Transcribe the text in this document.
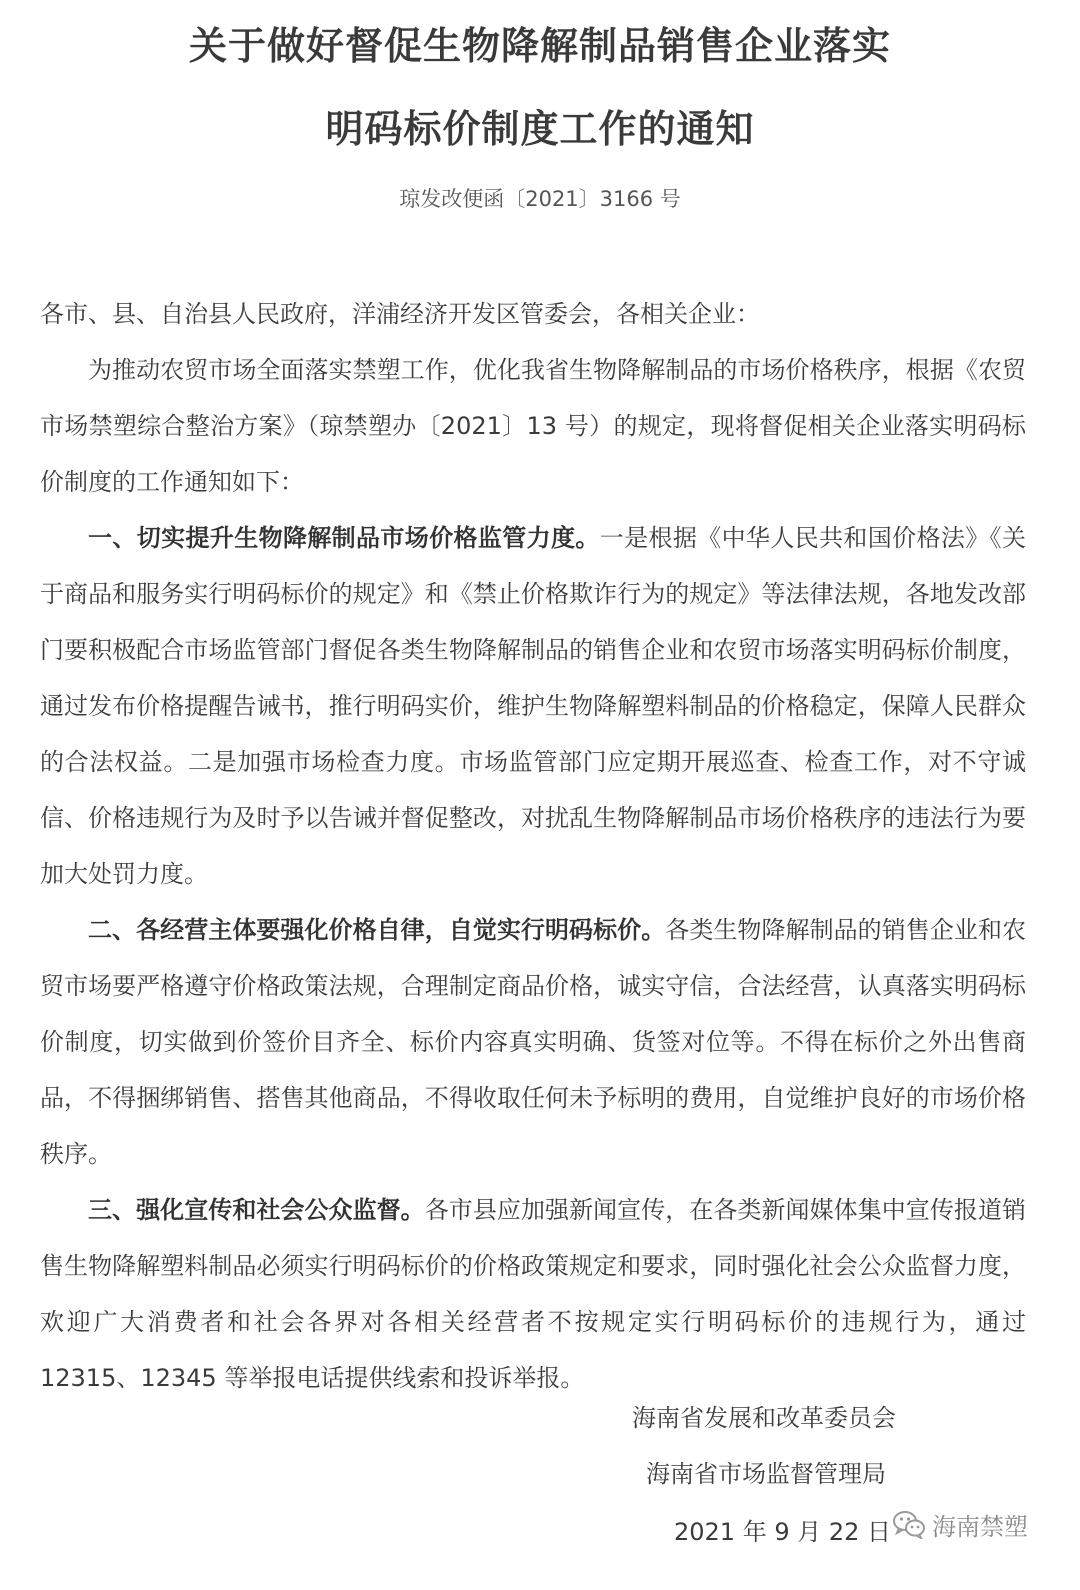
关于做好督促生物降解制品销售企业落实
明码标价制度工作的通知
琼发改便函〔2021〕3166 号

各市、县、自治县人民政府，洋浦经济开发区管委会，各相关企业：

为推动农贸市场全面落实禁塑工作，优化我省生物降解制品的市场价格秩序，根据《农贸市场禁塑综合整治方案》（琼禁塑办〔2021〕13 号）的规定，现将督促相关企业落实明码标价制度的工作通知如下：

一、切实提升生物降解制品市场价格监管力度。一是根据《中华人民共和国价格法》《关于商品和服务实行明码标价的规定》和《禁止价格欺诈行为的规定》等法律法规，各地发改部门要积极配合市场监管部门督促各类生物降解制品的销售企业和农贸市场落实明码标价制度，通过发布价格提醒告诫书，推行明码实价，维护生物降解塑料制品的价格稳定，保障人民群众的合法权益。二是加强市场检查力度。市场监管部门应定期开展巡查、检查工作，对不守诚信、价格违规行为及时予以告诫并督促整改，对扰乱生物降解制品市场价格秩序的违法行为要加大处罚力度。

二、各经营主体要强化价格自律，自觉实行明码标价。各类生物降解制品的销售企业和农贸市场要严格遵守价格政策法规，合理制定商品价格，诚实守信，合法经营，认真落实明码标价制度，切实做到价签价目齐全、标价内容真实明确、货签对位等。不得在标价之外出售商品，不得捆绑销售、搭售其他商品，不得收取任何未予标明的费用，自觉维护良好的市场价格秩序。

三、强化宣传和社会公众监督。各市县应加强新闻宣传，在各类新闻媒体集中宣传报道销售生物降解塑料制品必须实行明码标价的价格政策规定和要求，同时强化社会公众监督力度，欢迎广大消费者和社会各界对各相关经营者不按规定实行明码标价的违规行为，通过 12315、12345 等举报电话提供线索和投诉举报。

海南省发展和改革委员会
海南省市场监督管理局
2021 年 9 月 22 日 海南禁塑
